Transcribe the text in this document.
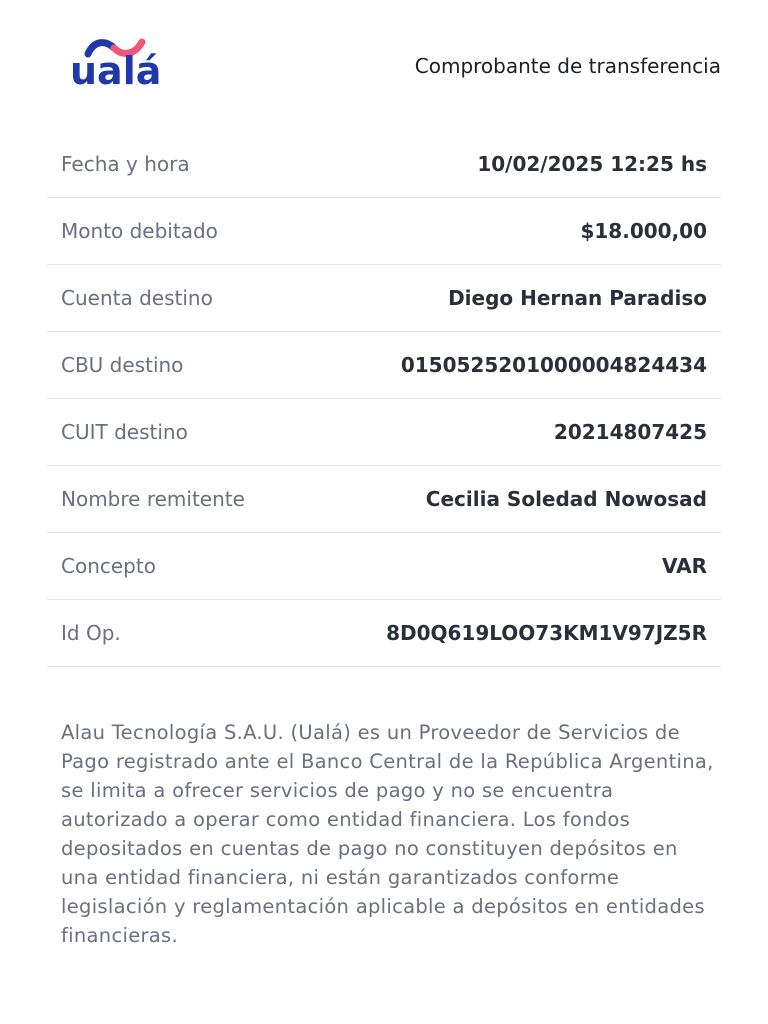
ualá	Comprobante de transferencia
Fecha y hora	10/02/2025 12:25 hs
Monto debitado	$18.000,00
Cuenta destino	Diego Hernan Paradiso
CBU destino	0150525201000004824434
CUIT destino	20214807425
Nombre remitente	Cecilia Soledad Nowosad
Concepto	VAR
Id Op.	8D0Q619LOO73KM1V97JZ5R

Alau Tecnología S.A.U. (Ualá) es un Proveedor de Servicios de Pago registrado ante el Banco Central de la República Argentina, se limita a ofrecer servicios de pago y no se encuentra autorizado a operar como entidad financiera. Los fondos depositados en cuentas de pago no constituyen depósitos en una entidad financiera, ni están garantizados conforme legislación y reglamentación aplicable a depósitos en entidades financieras.
